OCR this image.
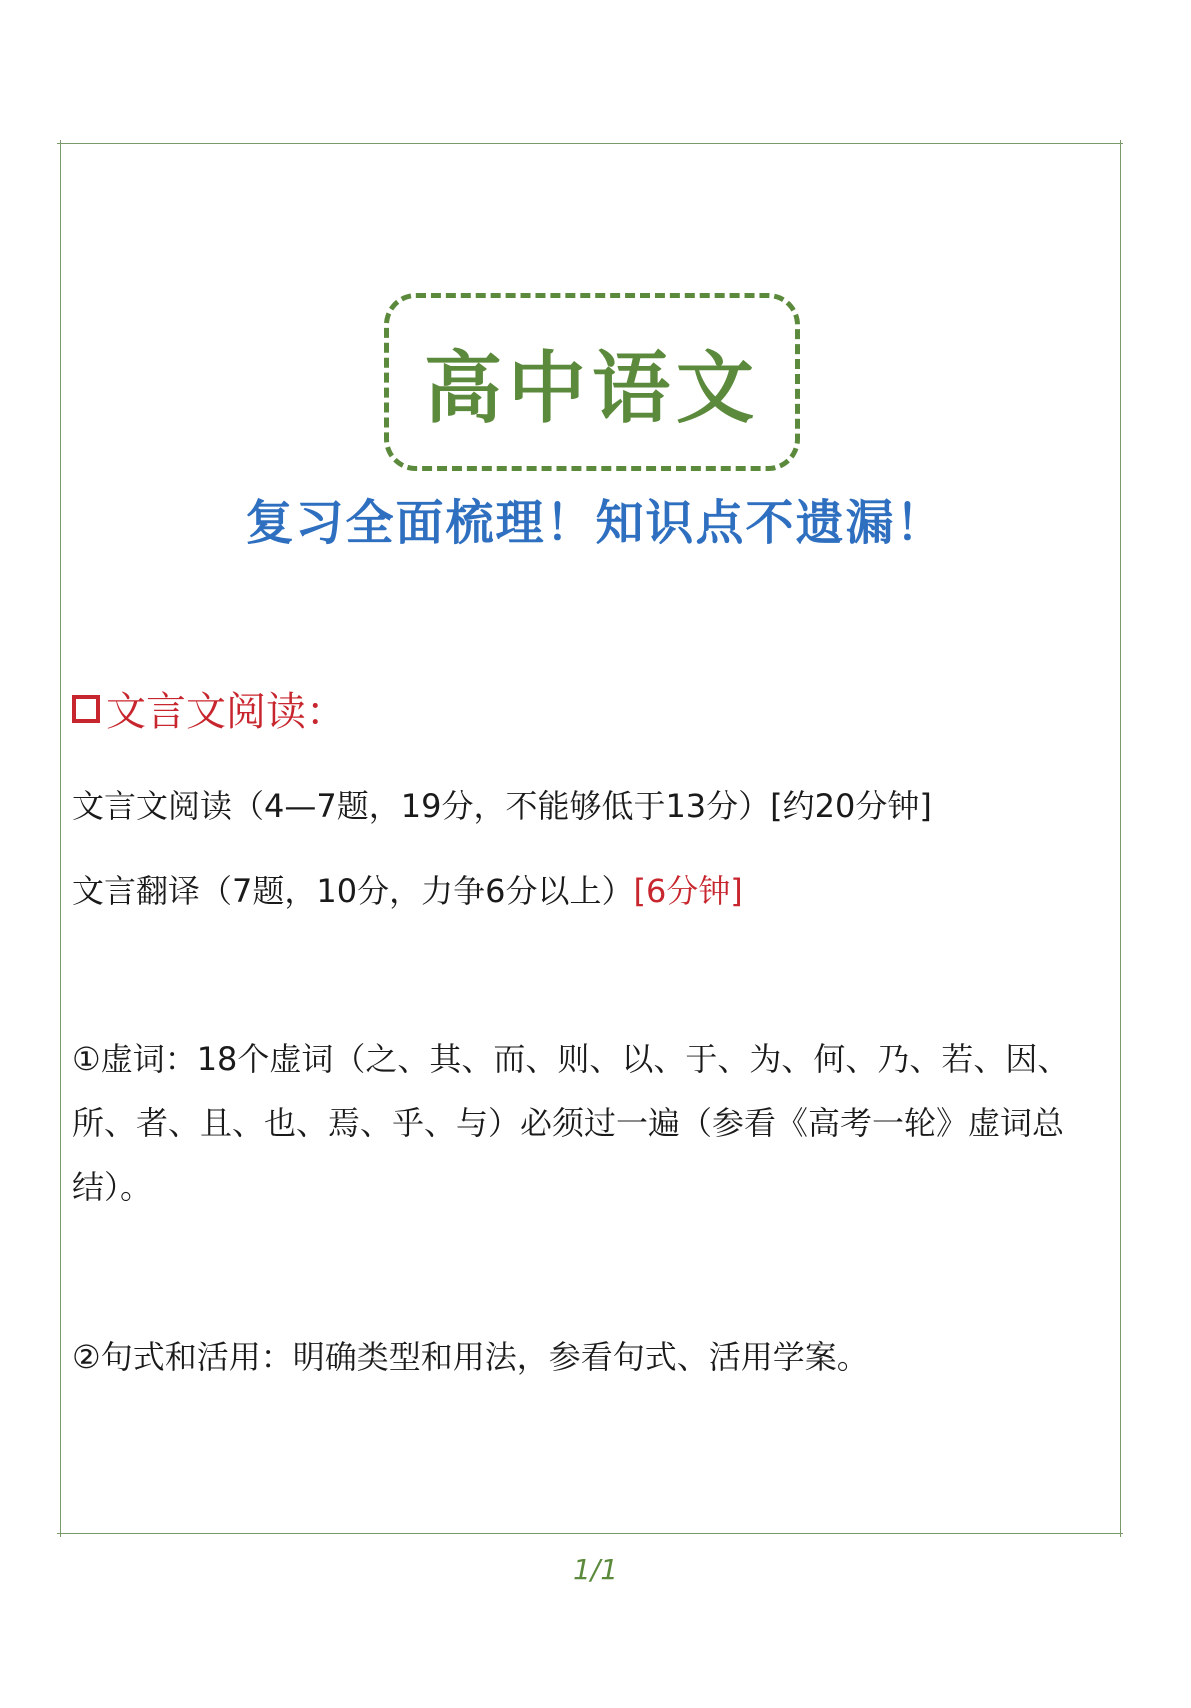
高中语文
复习全面梳理！知识点不遗漏！
文言文阅读：
文言文阅读（4—7题，19分，不能够低于13分）[约20分钟]
文言翻译（7题，10分，力争6分以上）[6分钟]
①虚词：18个虚词（之、其、而、则、以、于、为、何、乃、若、因、所、者、且、也、焉、乎、与）必须过一遍（参看《高考一轮》虚词总结）。
②句式和活用：明确类型和用法，参看句式、活用学案。
1/1
